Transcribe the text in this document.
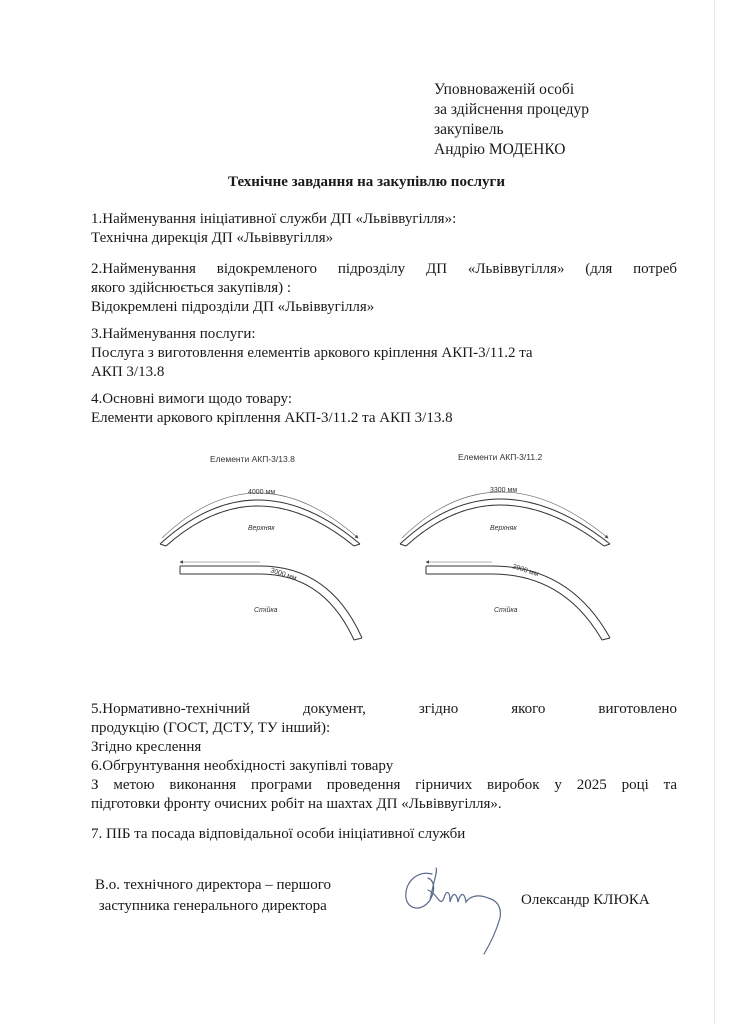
Уповноваженій особі
за здійснення процедур
закупівель
Андрію МОДЕНКО
Технічне завдання на закупівлю послуги
1.Найменування ініціативної служби ДП «Львіввугілля»:
Технічна дирекція ДП «Львіввугілля»
2.Найменування відокремленого підрозділу ДП «Львіввугілля» (для потреб
якого здійснюється закупівля) :
Відокремлені підрозділи ДП «Львіввугілля»
3.Найменування послуги:
Послуга з виготовлення елементів аркового кріплення АКП-3/11.2 та
АКП 3/13.8
4.Основні вимоги щодо товару:
Елементи аркового кріплення АКП-3/11.2 та АКП 3/13.8
Елементи АКП-3/13.8
4000 мм
Верхняк
3000 мм
Стійка
Елементи АКП-3/11.2
3300 мм
Верхняк
2900 мм
Стійка
5.Нормативно-технічний	документ,	згідно	якого	виготовлено
продукцію (ГОСТ, ДСТУ, ТУ інший):
Згідно креслення
6.Обгрунтування необхідності закупівлі товару
З метою виконання програми проведення гірничих виробок у 2025 році та
підготовки фронту очисних робіт на шахтах ДП «Львіввугілля».
7. ПІБ та посада відповідальної особи ініціативної служби
В.о. технічного директора – першого
заступника генерального директора	Олександр КЛЮКА
